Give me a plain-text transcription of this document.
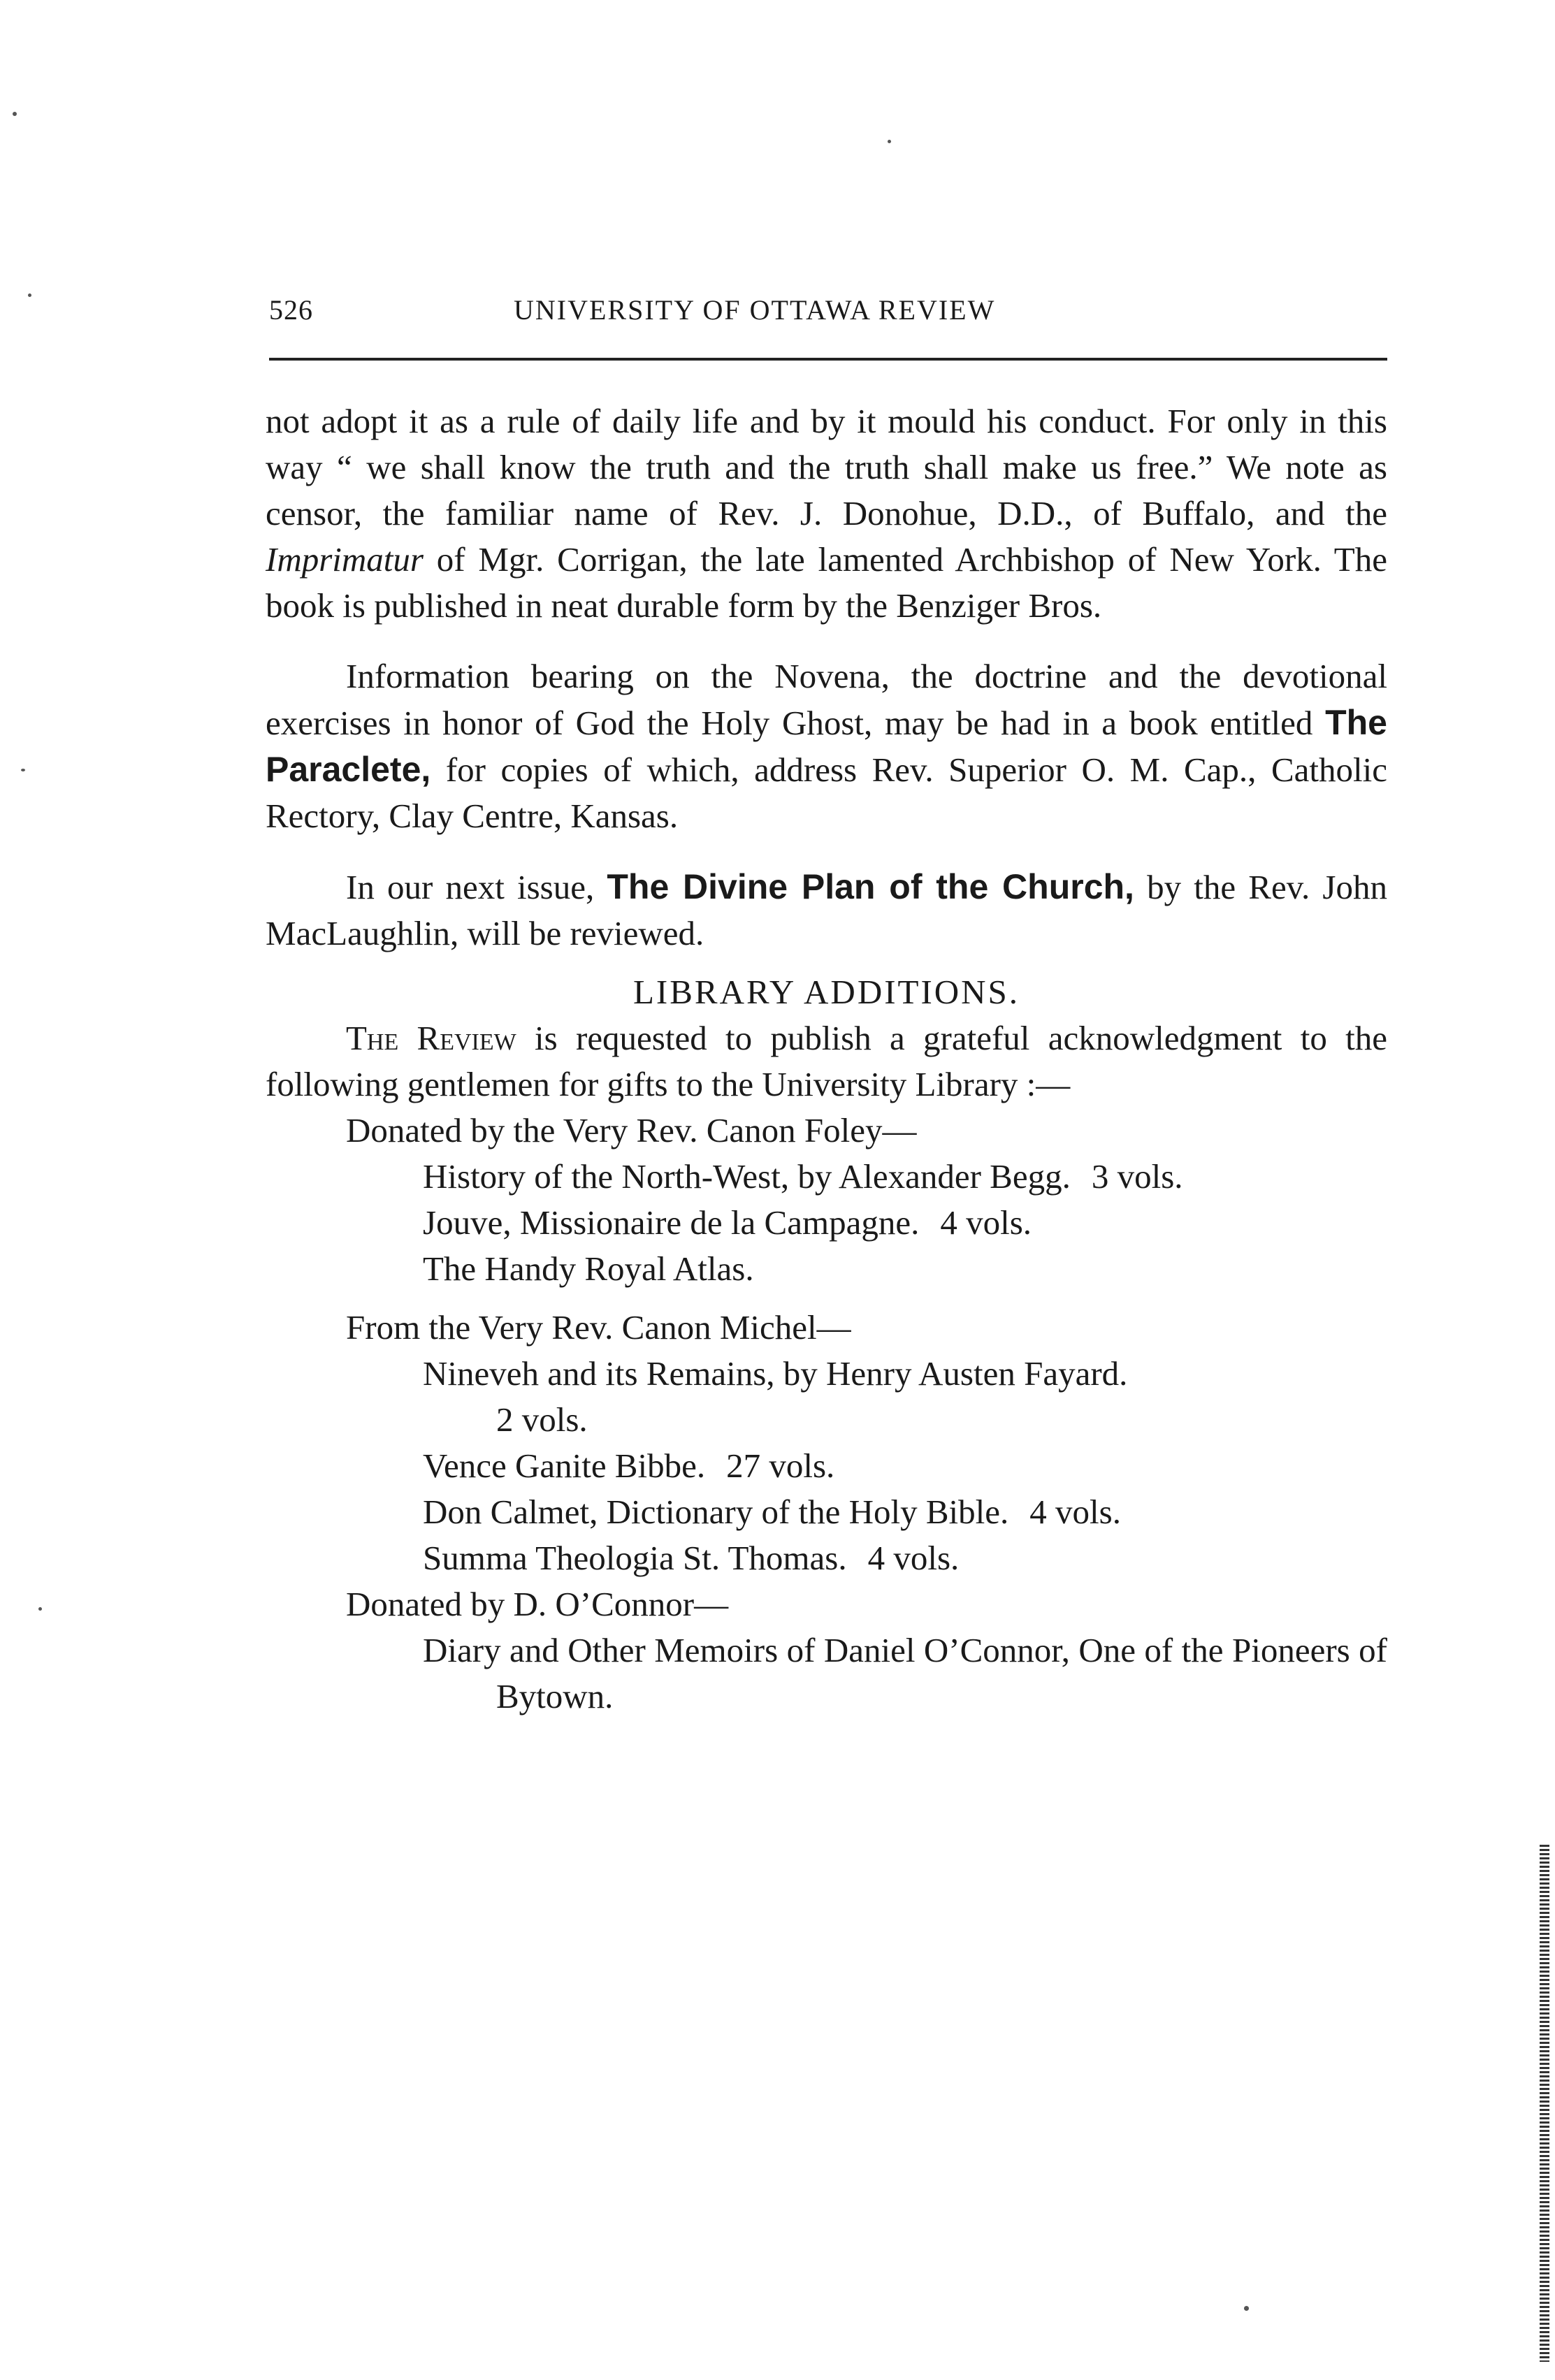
526	UNIVERSITY OF OTTAWA REVIEW

not adopt it as a rule of daily life and by it mould his conduct. For only in this way “ we shall know the truth and the truth shall make us free.” We note as censor, the familiar name of Rev. J. Donohue, D.D., of Buffalo, and the Imprimatur of Mgr. Corrigan, the late lamented Archbishop of New York. The book is published in neat durable form by the Benziger Bros.

Information bearing on the Novena, the doctrine and the devotional exercises in honor of God the Holy Ghost, may be had in a book entitled The Paraclete, for copies of which, address Rev. Superior O. M. Cap., Catholic Rectory, Clay Centre, Kansas.

In our next issue, The Divine Plan of the Church, by the Rev. John MacLaughlin, will be reviewed.

LIBRARY ADDITIONS.

The Review is requested to publish a grateful acknowledgment to the following gentlemen for gifts to the University Library :—

Donated by the Very Rev. Canon Foley—

History of the North-West, by Alexander Begg. 3 vols.

Jouve, Missionaire de la Campagne. 4 vols.

The Handy Royal Atlas.

From the Very Rev. Canon Michel—

Nineveh and its Remains, by Henry Austen Fayard.

2 vols.

Vence Ganite Bibbe. 27 vols.

Don Calmet, Dictionary of the Holy Bible. 4 vols.

Summa Theologia St. Thomas. 4 vols.

Donated by D. O’Connor—

Diary and Other Memoirs of Daniel O’Connor, One of the Pioneers of Bytown.
